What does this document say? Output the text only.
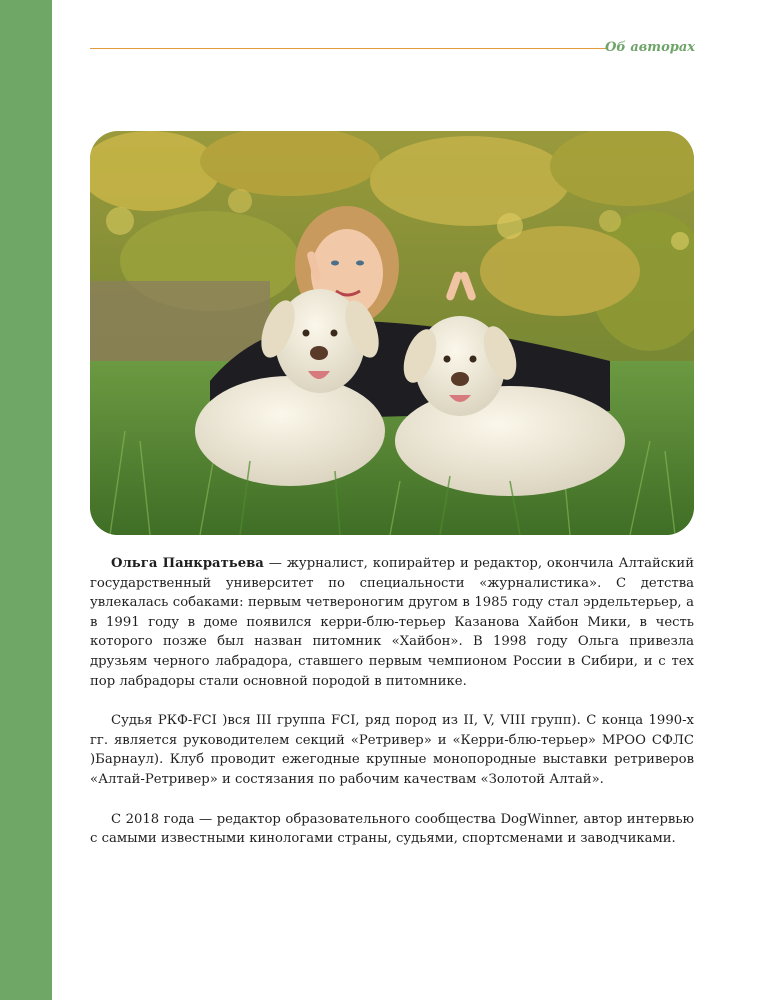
Об авторах

Ольга Панкратьева — журналист, копирайтер и редактор, окончила Алтайский государственный университет по специальности «журналистика». С детства увлекалась собаками: первым четвероногим другом в 1985 году стал эрдельтерьер, а в 1991 году в доме появился керри-блю-терьер Казанова Хайбон Мики, в честь которого позже был назван питомник «Хайбон». В 1998 году Ольга привезла друзьям черного лабрадора, ставшего первым чемпионом России в Сибири, и с тех пор лабрадоры стали основной породой в питомнике.

Судья РКФ-FCI )вся III группа FCI, ряд пород из II, V, VIII групп). С конца 1990-х гг. является руководителем секций «Ретривер» и «Керри-блю-терьер» МРОО СФЛС )Барнаул). Клуб проводит ежегодные крупные монопородные выставки ретриверов «Алтай-Ретривер» и состязания по рабочим качествам «Золотой Алтай».

С 2018 года — редактор образовательного сообщества DogWinner, автор интервью с самыми известными кинологами страны, судьями, спортсменами и заводчиками.
